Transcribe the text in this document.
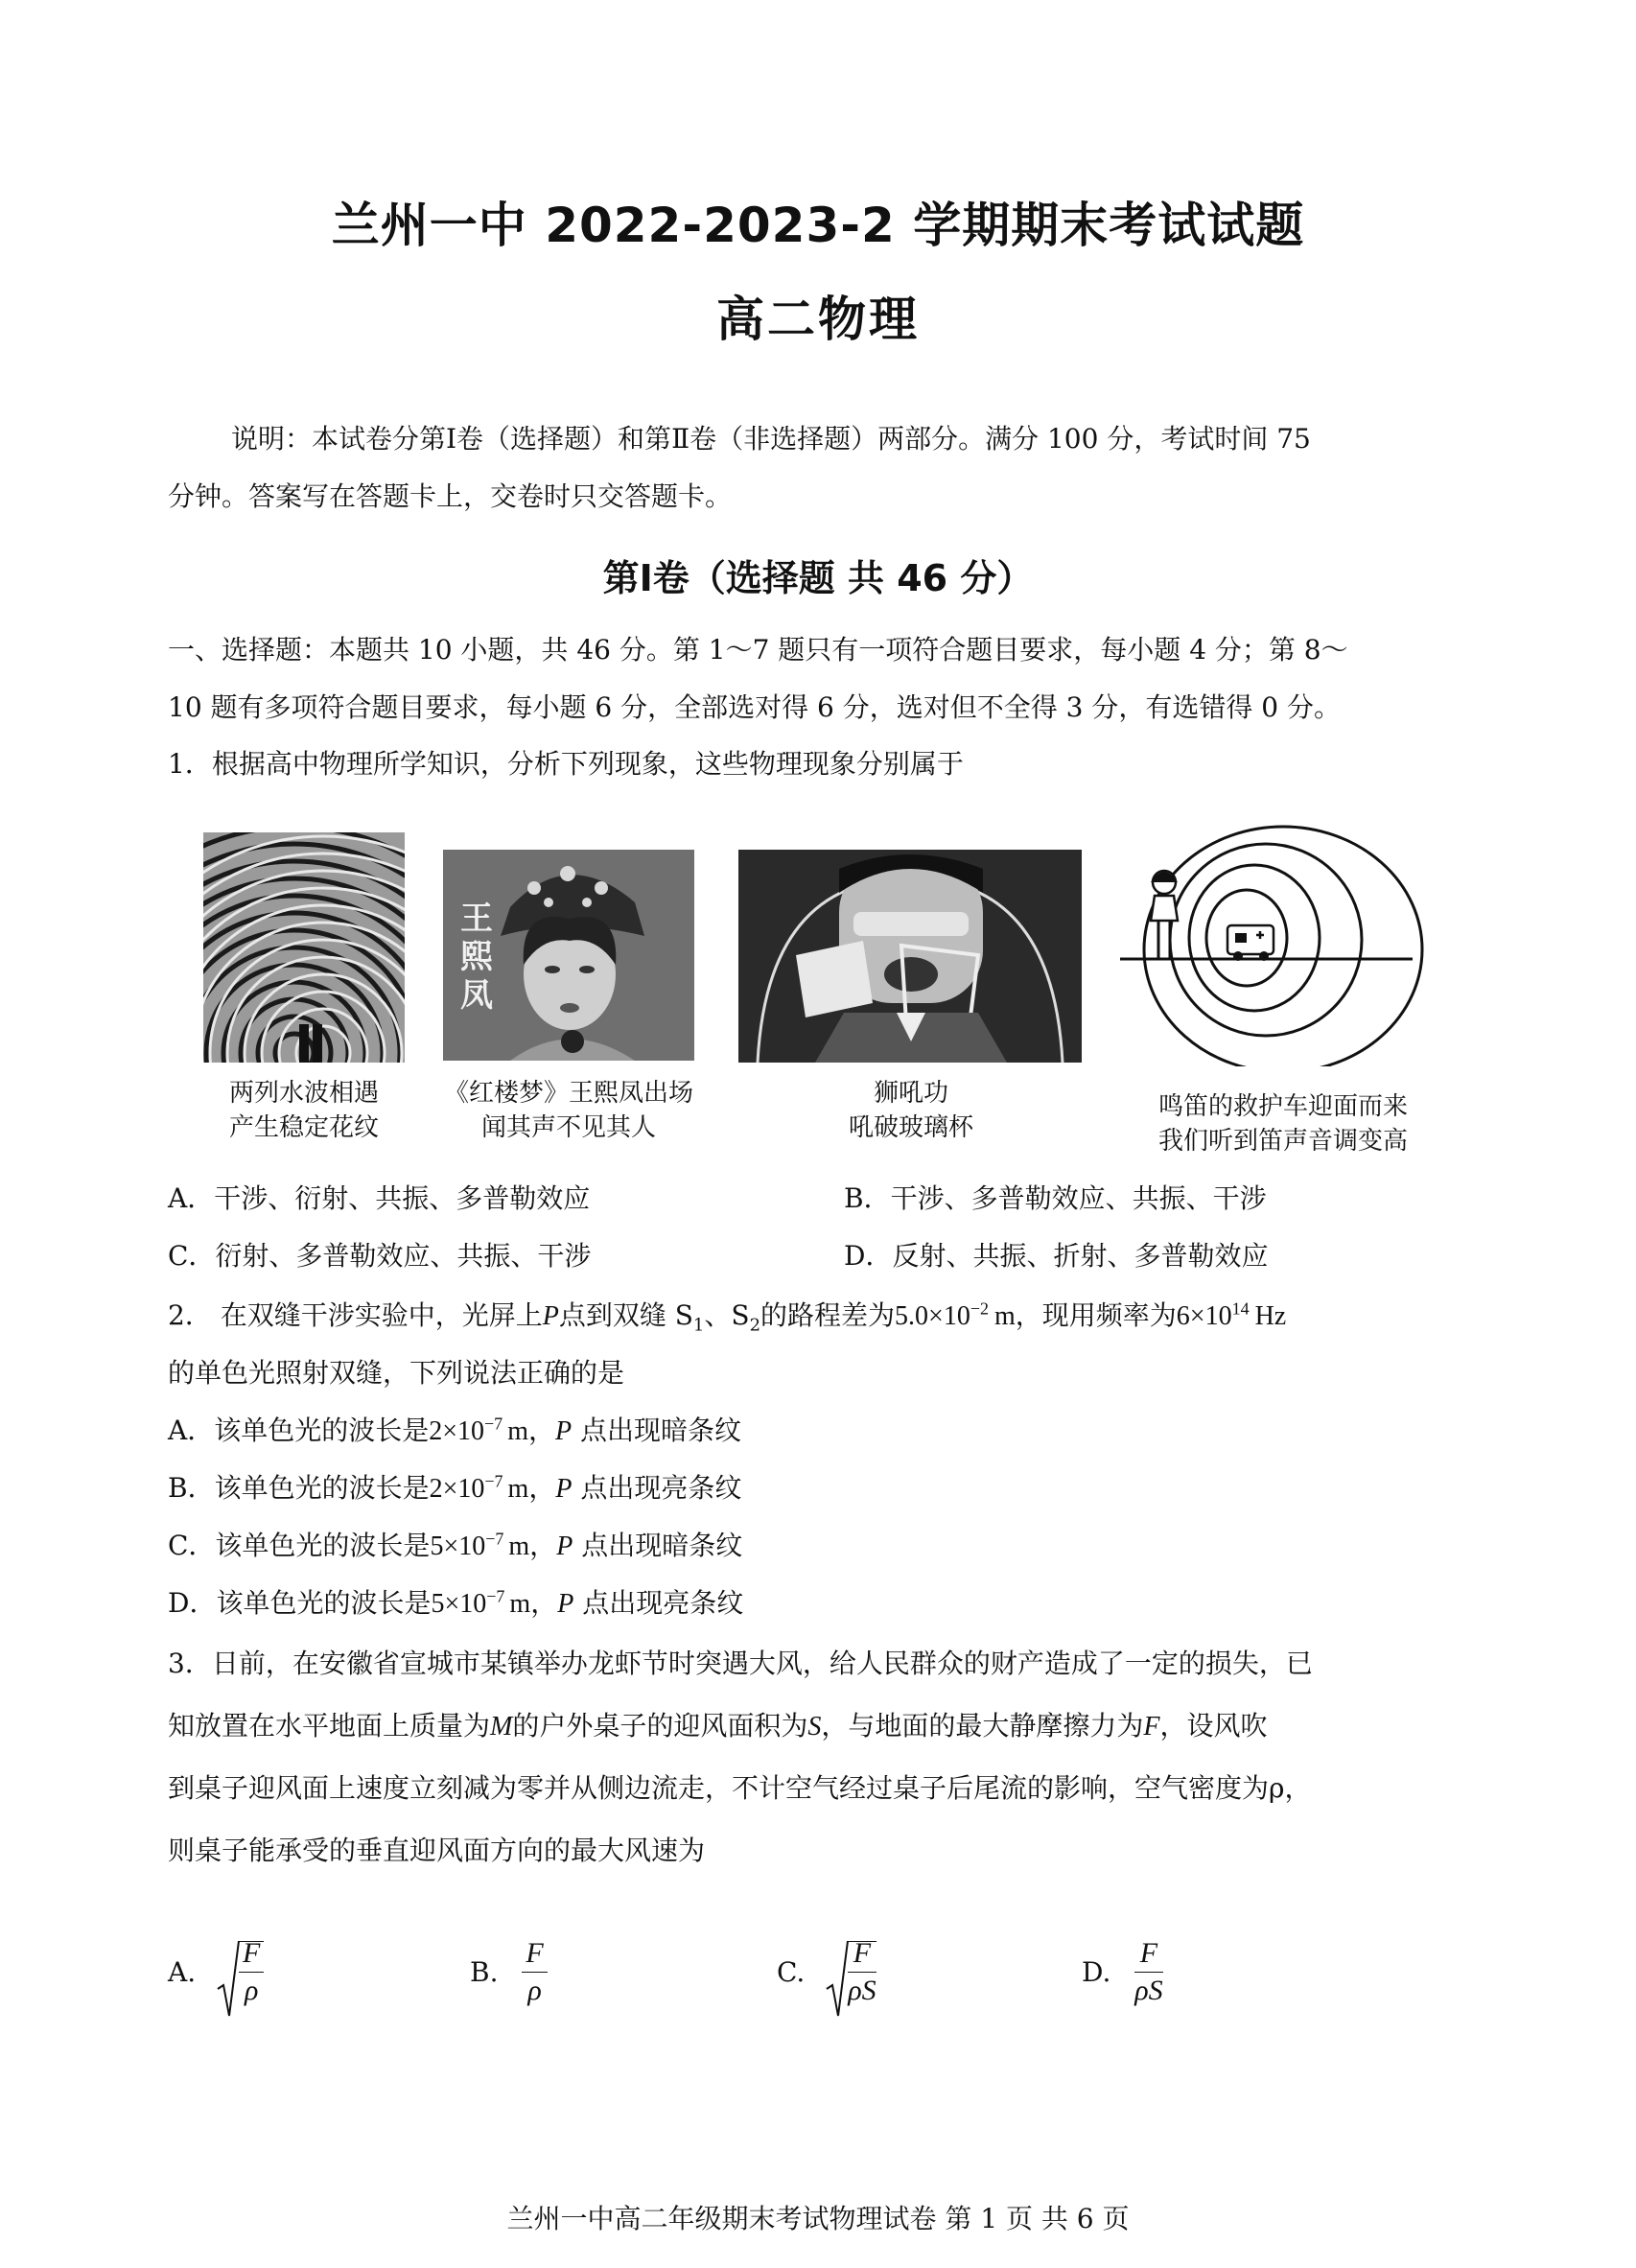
兰州一中 2022-2023-2 学期期末考试试题
高二物理
说明：本试卷分第Ⅰ卷（选择题）和第Ⅱ卷（非选择题）两部分。满分 100 分，考试时间 75
分钟。答案写在答题卡上，交卷时只交答题卡。
第Ⅰ卷（选择题 共 46 分）
一、选择题：本题共 10 小题，共 46 分。第 1～7 题只有一项符合题目要求，每小题 4 分；第 8～
10 题有多项符合题目要求，每小题 6 分，全部选对得 6 分，选对但不全得 3 分，有选错得 0 分。
1．根据高中物理所学知识，分析下列现象，这些物理现象分别属于
王
熙
凤
两列水波相遇
产生稳定花纹
《红楼梦》王熙凤出场
闻其声不见其人
狮吼功
吼破玻璃杯
鸣笛的救护车迎面而来
我们听到笛声音调变高
A．干涉、衍射、共振、多普勒效应	B．干涉、多普勒效应、共振、干涉
C．衍射、多普勒效应、共振、干涉	D．反射、共振、折射、多普勒效应
2． 在双缝干涉实验中，光屏上P点到双缝 $S_1$、$S_2$的路程差为$5.0\times 10^{-2}$ m，现用频率为$6\times 10^{14}$ Hz
的单色光照射双缝，下列说法正确的是
A．该单色光的波长是$2\times 10^{-7}$ m，P 点出现暗条纹
B．该单色光的波长是$2\times 10^{-7}$ m，P 点出现亮条纹
C．该单色光的波长是$5\times 10^{-7}$ m，P 点出现暗条纹
D．该单色光的波长是$5\times 10^{-7}$ m，P 点出现亮条纹
3．日前，在安徽省宣城市某镇举办龙虾节时突遇大风，给人民群众的财产造成了一定的损失，已
知放置在水平地面上质量为M的户外桌子的迎风面积为S，与地面的最大静摩擦力为F，设风吹
到桌子迎风面上速度立刻减为零并从侧边流走，不计空气经过桌子后尾流的影响，空气密度为ρ，
则桌子能承受的垂直迎风面方向的最大风速为
A. $\frac{F}{\rho}$	B. $\frac{F}{\rho}$	C. $\frac{F}{\rho S}$	D. $\frac{F}{\rho S}$
兰州一中高二年级期末考试物理试卷 第 1 页 共 6 页
